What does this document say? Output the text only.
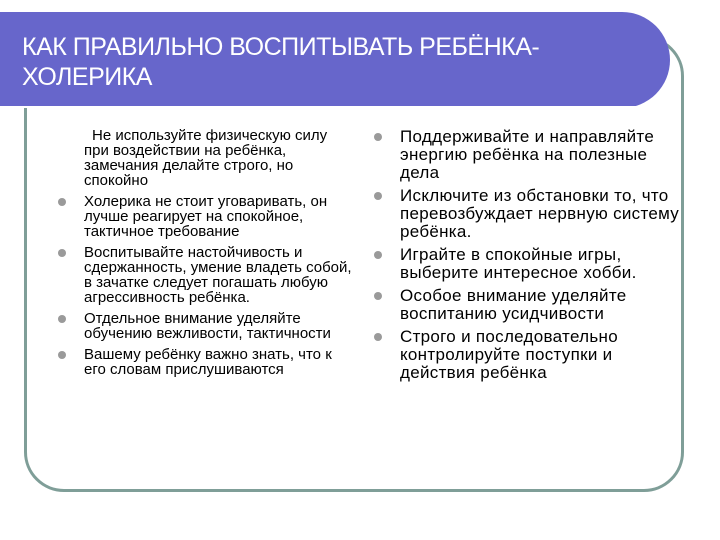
КАК ПРАВИЛЬНО ВОСПИТЫВАТЬ РЕБЁНКА-ХОЛЕРИКА
Не используйте физическую силу при воздействии на ребёнка, замечания делайте строго, но спокойно
Холерика не стоит уговаривать, он лучше реагирует на спокойное, тактичное требование
Воспитывайте настойчивость и сдержанность, умение владеть собой, в зачатке следует погашать любую агрессивность ребёнка.
Отдельное внимание уделяйте обучению вежливости, тактичности
Вашему ребёнку важно знать, что к его словам прислушиваются
Поддерживайте и направляйте энергию ребёнка на полезные дела
Исключите из обстановки то, что перевозбуждает нервную систему ребёнка.
Играйте в спокойные игры, выберите интересное хобби.
Особое внимание уделяйте воспитанию усидчивости
Строго и последовательно контролируйте поступки и действия ребёнка
